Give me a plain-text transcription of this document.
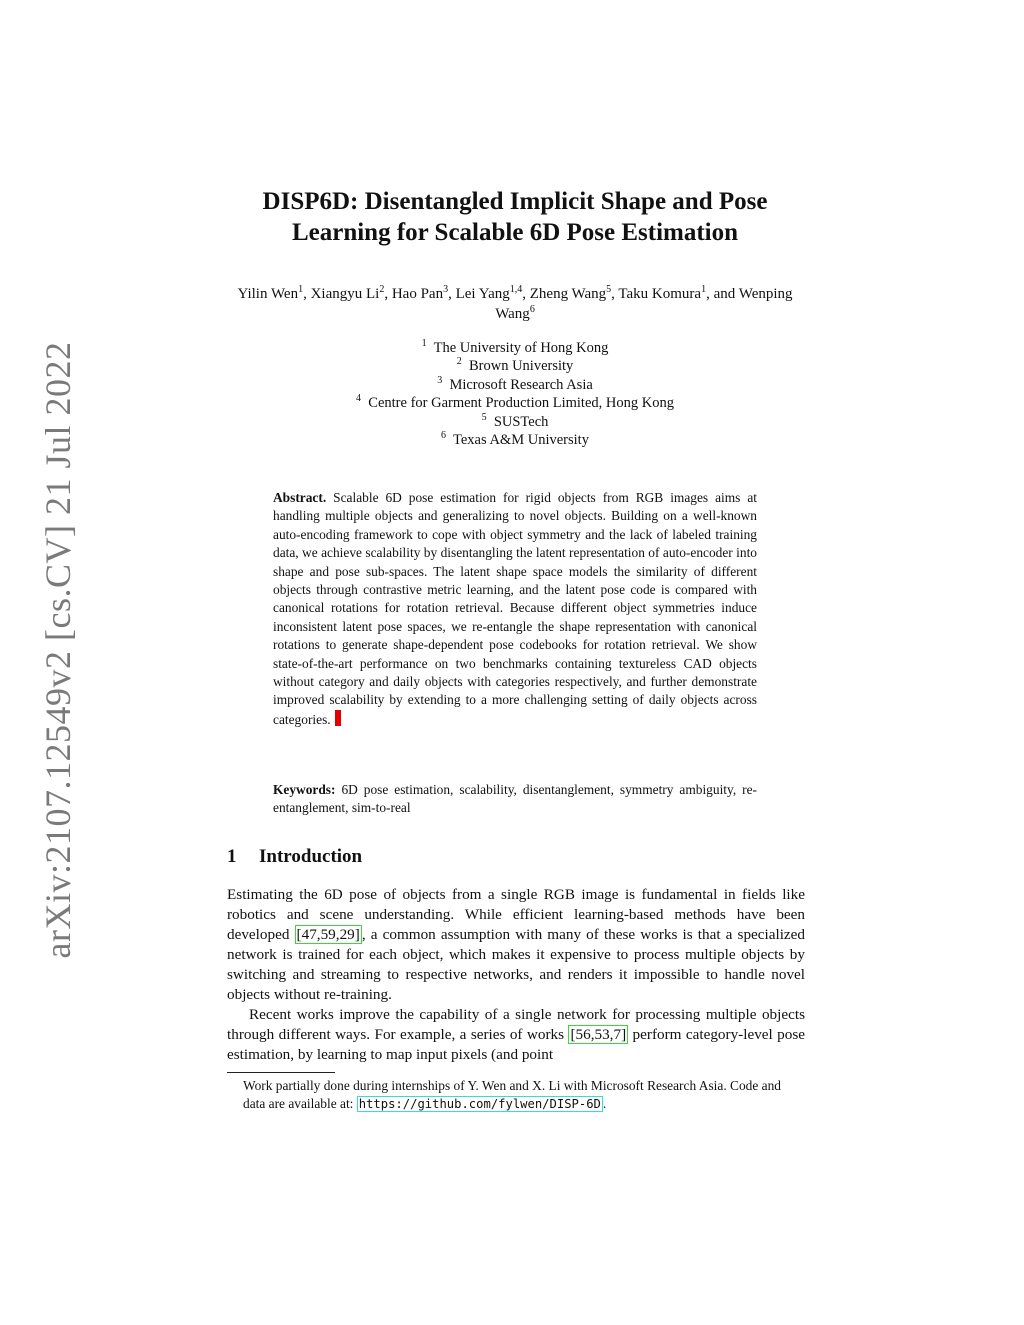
arXiv:2107.12549v2 [cs.CV] 21 Jul 2022
DISP6D: Disentangled Implicit Shape and Pose
Learning for Scalable 6D Pose Estimation
Yilin Wen$^1$, Xiangyu Li$^2$, Hao Pan$^3$, Lei Yang$^{1,4}$, Zheng Wang$^5$, Taku Komura$^1$, and Wenping Wang$^6$
$^1$ The University of Hong Kong
$^2$ Brown University
$^3$ Microsoft Research Asia
$^4$ Centre for Garment Production Limited, Hong Kong
$^5$ SUSTech
$^6$ Texas A&M University
Abstract. Scalable 6D pose estimation for rigid objects from RGB images aims at handling multiple objects and generalizing to novel objects. Building on a well-known auto-encoding framework to cope with object symmetry and the lack of labeled training data, we achieve scalability by disentangling the latent representation of auto-encoder into shape and pose sub-spaces. The latent shape space models the similarity of different objects through contrastive metric learning, and the latent pose code is compared with canonical rotations for rotation retrieval. Because different object symmetries induce inconsistent latent pose spaces, we re-entangle the shape representation with canonical rotations to generate shape-dependent pose codebooks for rotation retrieval. We show state-of-the-art performance on two benchmarks containing textureless CAD objects without category and daily objects with categories respectively, and further demonstrate improved scalability by extending to a more challenging setting of daily objects across categories.
Keywords: 6D pose estimation, scalability, disentanglement, symmetry ambiguity, re-entanglement, sim-to-real
1 Introduction

Estimating the 6D pose of objects from a single RGB image is fundamental in fields like robotics and scene understanding. While efficient learning-based methods have been developed [47,59,29] , a common assumption with many of these works is that a specialized network is trained for each object, which makes it expensive to process multiple objects by switching and streaming to respective networks, and renders it impossible to handle novel objects without re-training.

Recent works improve the capability of a single network for processing multiple objects through different ways. For example, a series of works [56,53,7] perform category-level pose estimation, by learning to map input pixels (and point

Work partially done during internships of Y. Wen and X. Li with Microsoft Research Asia. Code and data are available at: https://github.com/fylwen/DISP-6D .
